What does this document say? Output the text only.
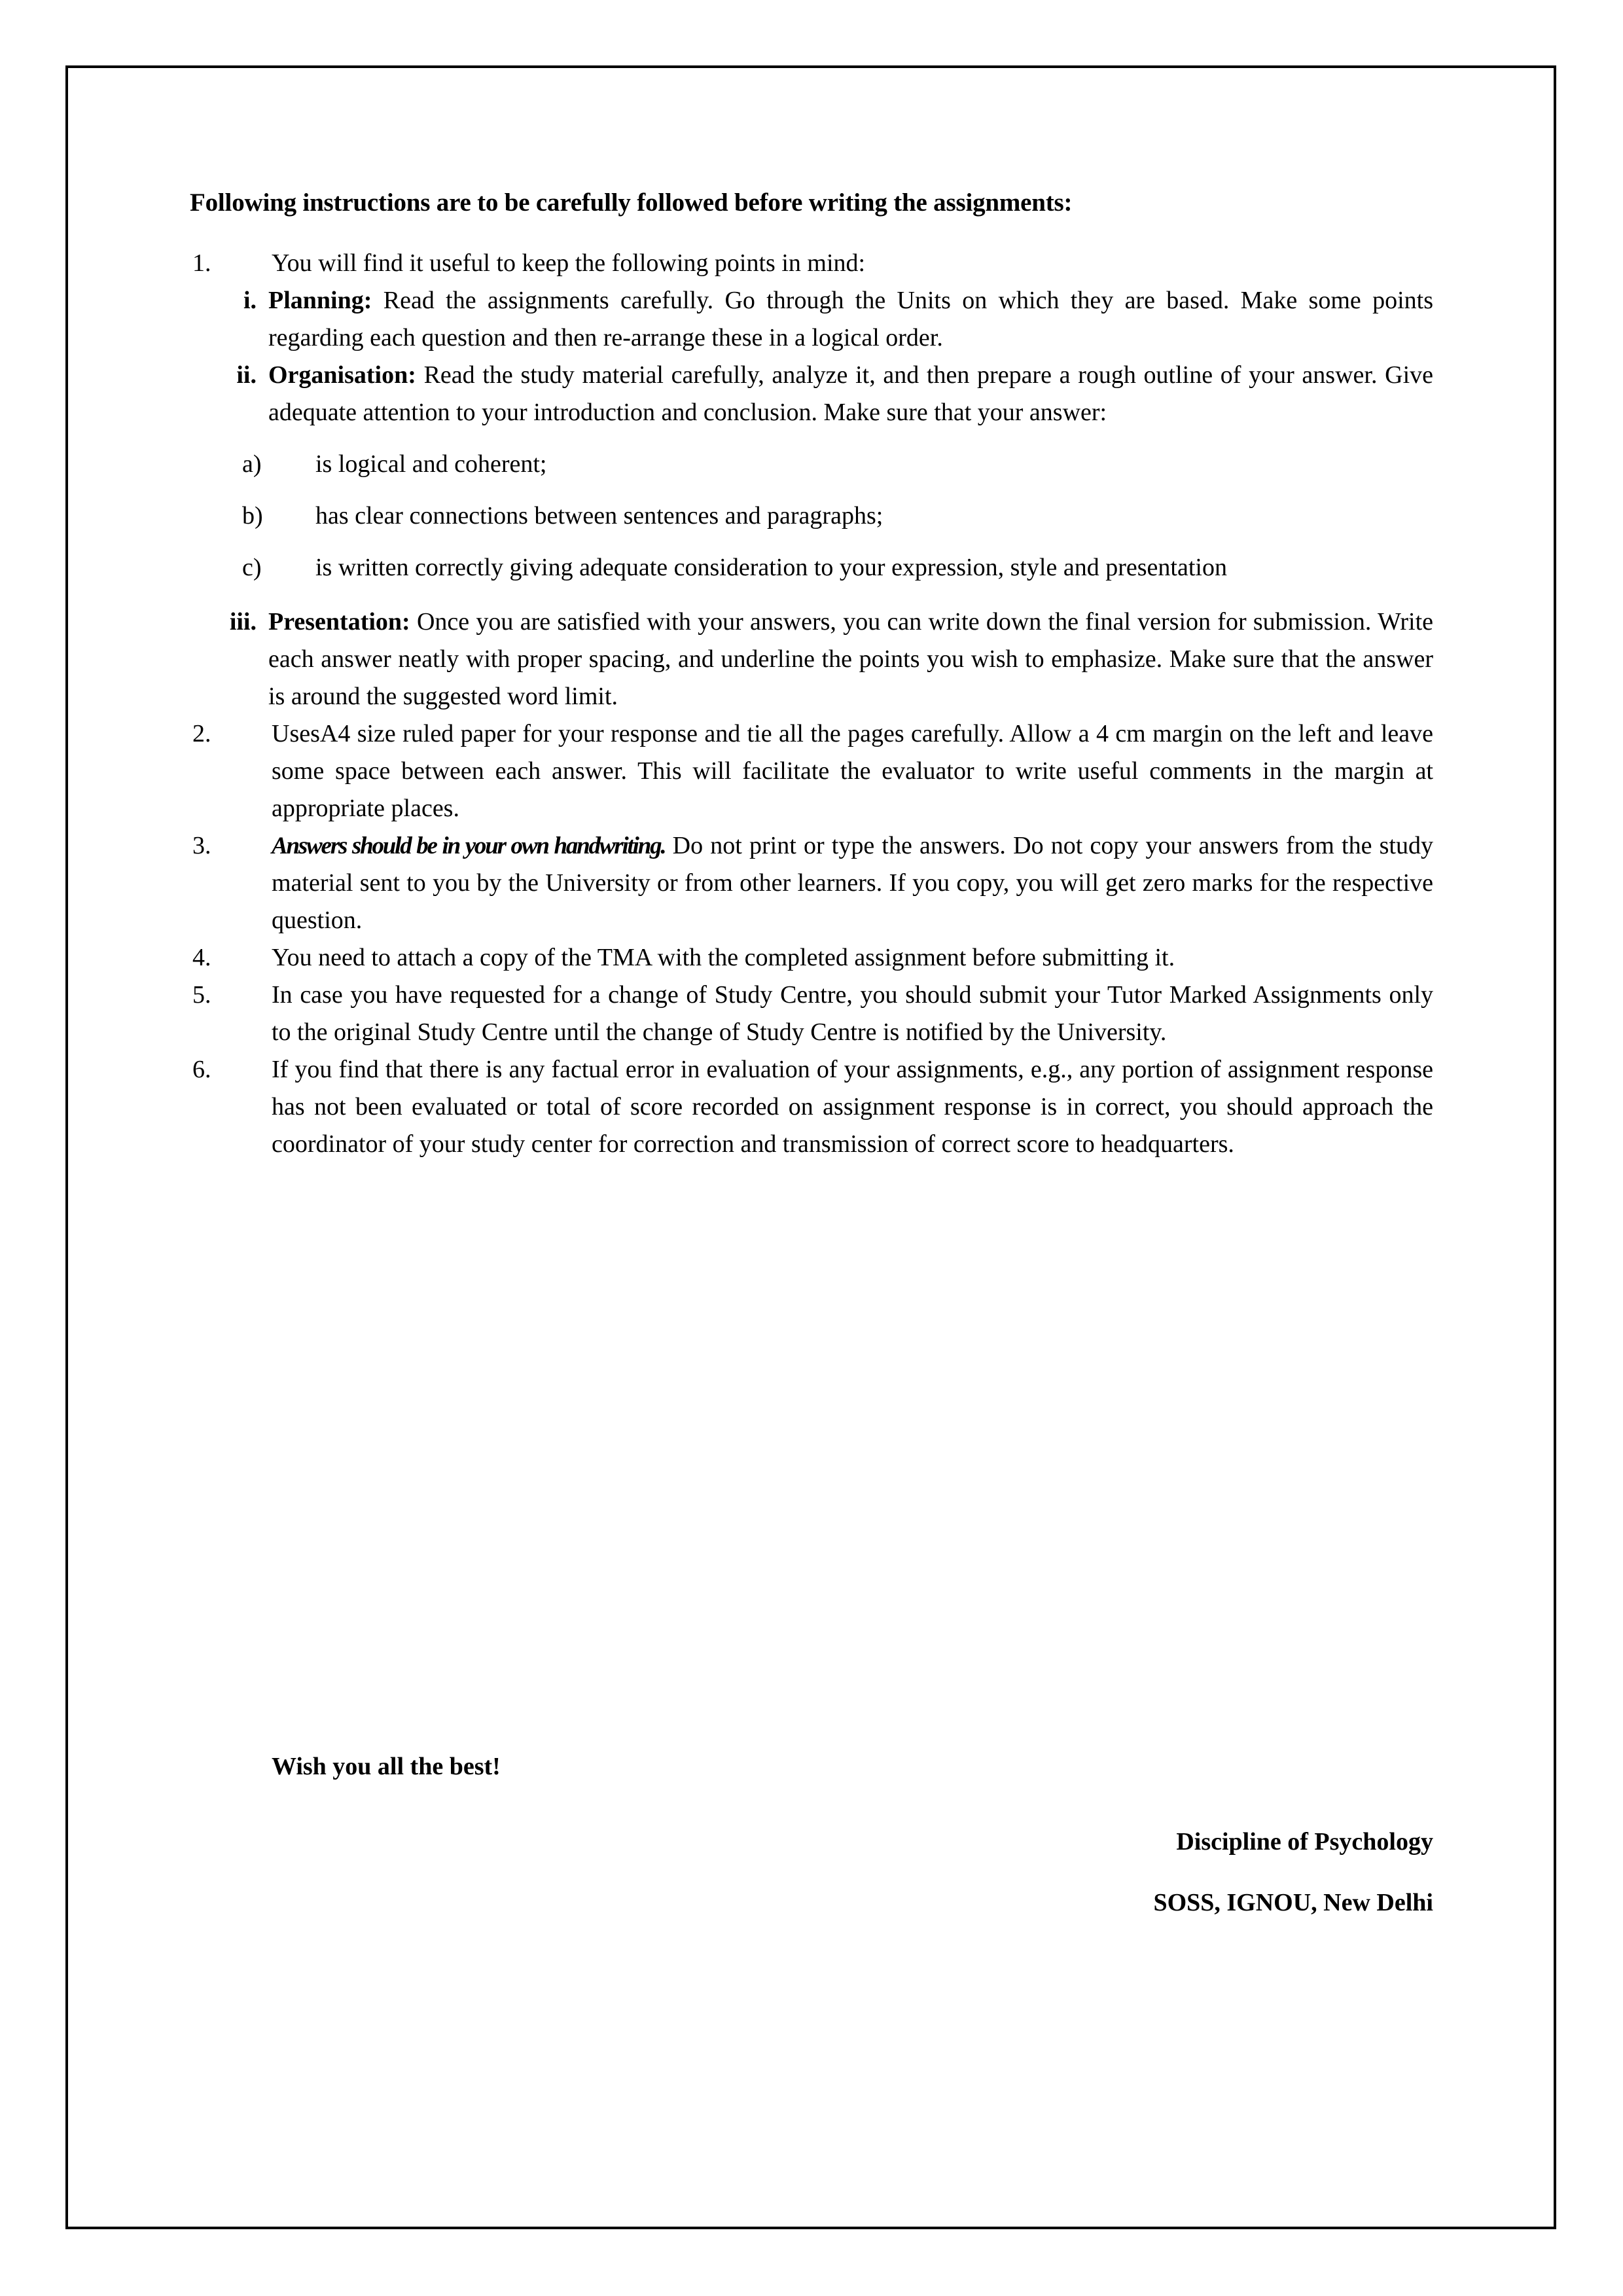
Following instructions are to be carefully followed before writing the assignments:

1.	You will find it useful to keep the following points in mind:
i. Planning: Read the assignments carefully. Go through the Units on which they are based. Make some points regarding each question and then re-arrange these in a logical order.
ii. Organisation: Read the study material carefully, analyze it, and then prepare a rough outline of your answer. Give adequate attention to your introduction and conclusion. Make sure that your answer:
a)	is logical and coherent;
b)	has clear connections between sentences and paragraphs;
c)	is written correctly giving adequate consideration to your expression, style and presentation
iii. Presentation: Once you are satisfied with your answers, you can write down the final version for submission. Write each answer neatly with proper spacing, and underline the points you wish to emphasize. Make sure that the answer is around the suggested word limit.
2.	UsesA4 size ruled paper for your response and tie all the pages carefully. Allow a 4 cm margin on the left and leave some space between each answer. This will facilitate the evaluator to write useful comments in the margin at appropriate places.
3.	Answers should be in your own handwriting. Do not print or type the answers. Do not copy your answers from the study material sent to you by the University or from other learners. If you copy, you will get zero marks for the respective question.
4.	You need to attach a copy of the TMA with the completed assignment before submitting it.
5.	In case you have requested for a change of Study Centre, you should submit your Tutor Marked Assignments only to the original Study Centre until the change of Study Centre is notified by the University.
6.	If you find that there is any factual error in evaluation of your assignments, e.g., any portion of assignment response has not been evaluated or total of score recorded on assignment response is in correct, you should approach the coordinator of your study center for correction and transmission of correct score to headquarters.

Wish you all the best!

Discipline of Psychology

SOSS, IGNOU, New Delhi
